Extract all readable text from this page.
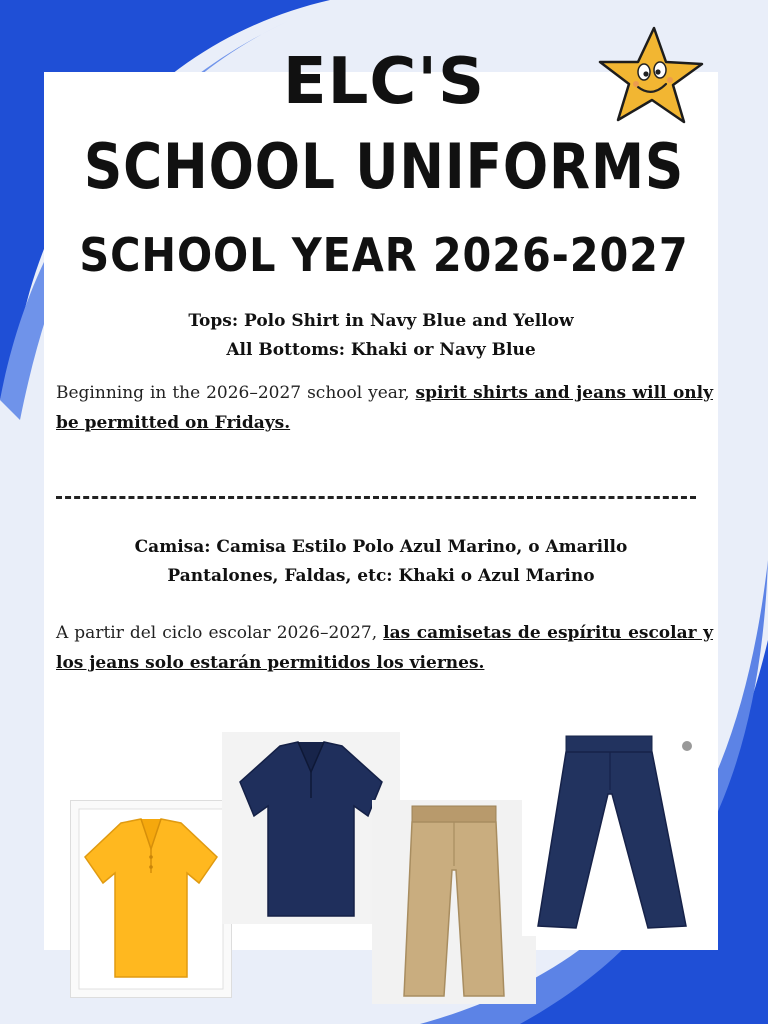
ELC'S
SCHOOL UNIFORMS
SCHOOL YEAR 2026-2027
Tops: Polo Shirt in Navy Blue and Yellow
All Bottoms: Khaki or Navy Blue

Beginning in the 2026–2027 school year, spirit shirts and jeans will only be permitted on Fridays.

Camisa: Camisa Estilo Polo Azul Marino, o Amarillo
Pantalones, Faldas, etc: Khaki o Azul Marino

A partir del ciclo escolar 2026–2027, las camisetas de espíritu escolar y los jeans solo estarán permitidos los viernes.
